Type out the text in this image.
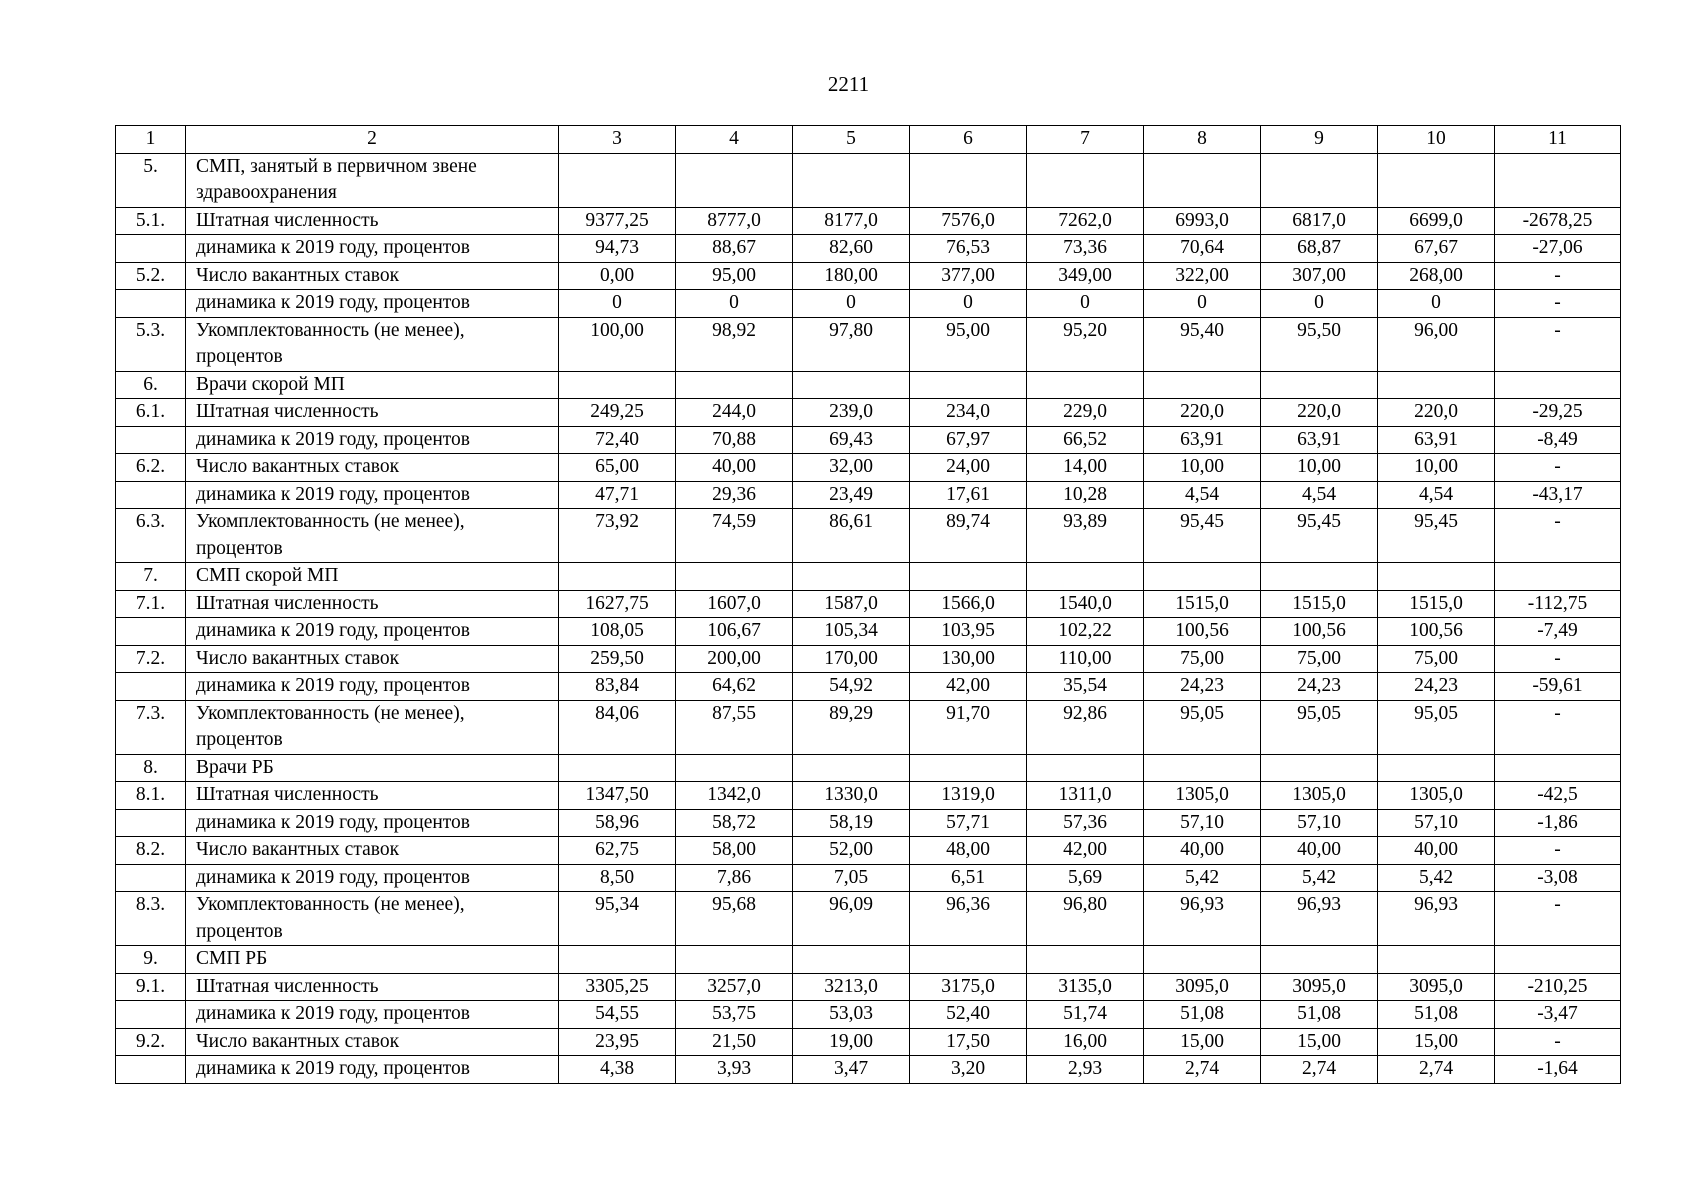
2211
1	2	3	4	5	6	7	8	9	10	11
5.	СМП, занятый в первичном звене здравоохранения									
5.1.	Штатная численность	9377,25	8777,0	8177,0	7576,0	7262,0	6993,0	6817,0	6699,0	-2678,25
	динамика к 2019 году, процентов	94,73	88,67	82,60	76,53	73,36	70,64	68,87	67,67	-27,06
5.2.	Число вакантных ставок	0,00	95,00	180,00	377,00	349,00	322,00	307,00	268,00	-
	динамика к 2019 году, процентов	0	0	0	0	0	0	0	0	-
5.3.	Укомплектованность (не менее), процентов	100,00	98,92	97,80	95,00	95,20	95,40	95,50	96,00	-
6.	Врачи скорой МП									
6.1.	Штатная численность	249,25	244,0	239,0	234,0	229,0	220,0	220,0	220,0	-29,25
	динамика к 2019 году, процентов	72,40	70,88	69,43	67,97	66,52	63,91	63,91	63,91	-8,49
6.2.	Число вакантных ставок	65,00	40,00	32,00	24,00	14,00	10,00	10,00	10,00	-
	динамика к 2019 году, процентов	47,71	29,36	23,49	17,61	10,28	4,54	4,54	4,54	-43,17
6.3.	Укомплектованность (не менее), процентов	73,92	74,59	86,61	89,74	93,89	95,45	95,45	95,45	-
7.	СМП скорой МП									
7.1.	Штатная численность	1627,75	1607,0	1587,0	1566,0	1540,0	1515,0	1515,0	1515,0	-112,75
	динамика к 2019 году, процентов	108,05	106,67	105,34	103,95	102,22	100,56	100,56	100,56	-7,49
7.2.	Число вакантных ставок	259,50	200,00	170,00	130,00	110,00	75,00	75,00	75,00	-
	динамика к 2019 году, процентов	83,84	64,62	54,92	42,00	35,54	24,23	24,23	24,23	-59,61
7.3.	Укомплектованность (не менее), процентов	84,06	87,55	89,29	91,70	92,86	95,05	95,05	95,05	-
8.	Врачи РБ									
8.1.	Штатная численность	1347,50	1342,0	1330,0	1319,0	1311,0	1305,0	1305,0	1305,0	-42,5
	динамика к 2019 году, процентов	58,96	58,72	58,19	57,71	57,36	57,10	57,10	57,10	-1,86
8.2.	Число вакантных ставок	62,75	58,00	52,00	48,00	42,00	40,00	40,00	40,00	-
	динамика к 2019 году, процентов	8,50	7,86	7,05	6,51	5,69	5,42	5,42	5,42	-3,08
8.3.	Укомплектованность (не менее), процентов	95,34	95,68	96,09	96,36	96,80	96,93	96,93	96,93	-
9.	СМП РБ									
9.1.	Штатная численность	3305,25	3257,0	3213,0	3175,0	3135,0	3095,0	3095,0	3095,0	-210,25
	динамика к 2019 году, процентов	54,55	53,75	53,03	52,40	51,74	51,08	51,08	51,08	-3,47
9.2.	Число вакантных ставок	23,95	21,50	19,00	17,50	16,00	15,00	15,00	15,00	-
	динамика к 2019 году, процентов	4,38	3,93	3,47	3,20	2,93	2,74	2,74	2,74	-1,64
